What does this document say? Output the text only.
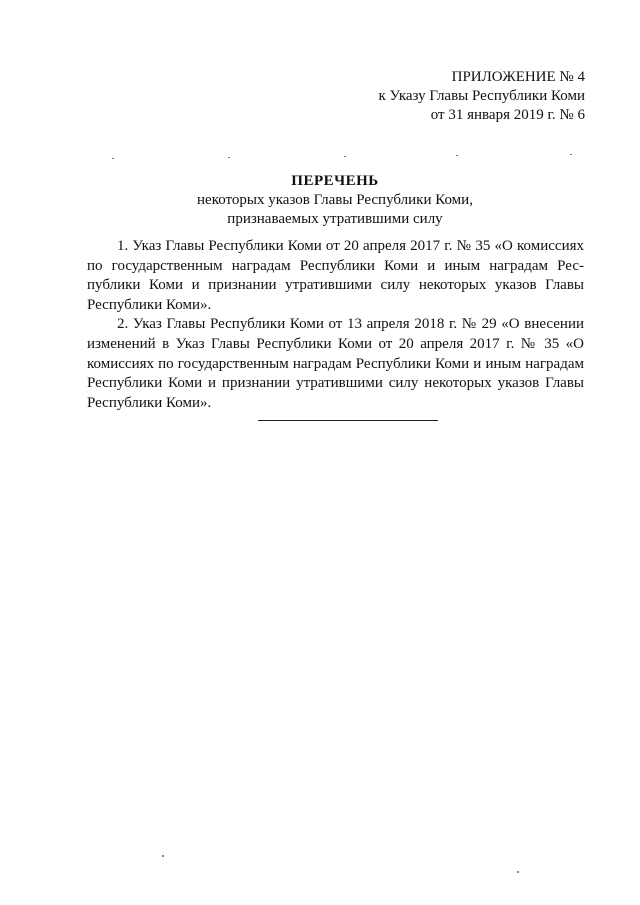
ПРИЛОЖЕНИЕ № 4
к Указу Главы Республики Коми
от 31 января 2019 г. № 6
ПЕРЕЧЕНЬ
некоторых указов Главы Республики Коми,
признаваемых утратившими силу

1. Указ Главы Республики Коми от 20 апреля 2017 г. № 35 «О комиссиях по государственным наградам Республики Коми и иным наградам Республики Коми и признании утратившими силу некоторых указов Главы Республики Коми».

2. Указ Главы Республики Коми от 13 апреля 2018 г. № 29 «О внесении изменений в Указ Главы Республики Коми от 20 апреля 2017 г. № 35 «О комиссиях по государственным наградам Республики Коми и иным наградам Республики Коми и признании утратившими силу некоторых указов Главы Республики Коми».
